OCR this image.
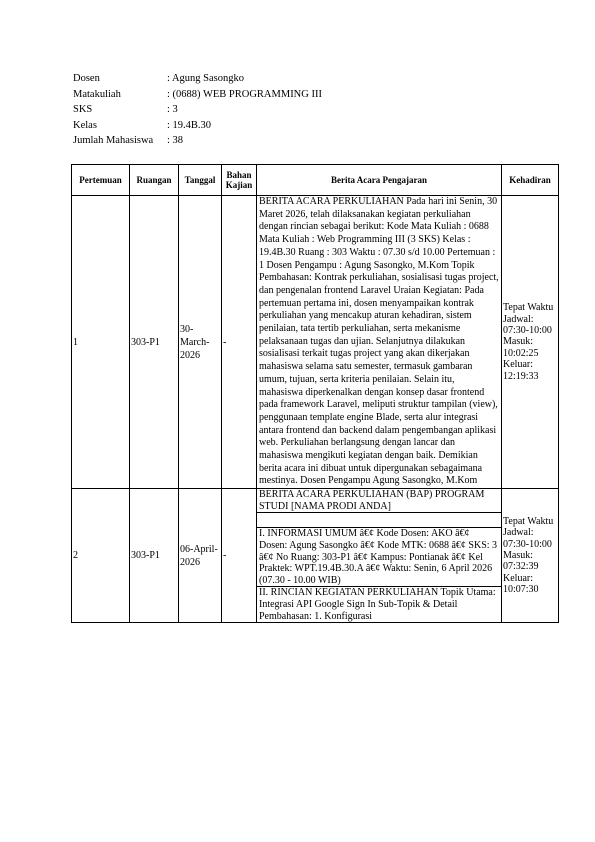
Dosen	: Agung Sasongko
Matakuliah	: (0688) WEB PROGRAMMING III
SKS	: 3
Kelas	: 19.4B.30
Jumlah Mahasiswa	: 38
Pertemuan	Ruangan	Tanggal	Bahan Kajian	Berita Acara Pengajaran	Kehadiran
1	303-P1	30-March-2026	-	BERITA ACARA PERKULIAHAN Pada hari ini Senin, 30 Maret 2026, telah dilaksanakan kegiatan perkuliahan dengan rincian sebagai berikut: Kode Mata Kuliah : 0688 Mata Kuliah : Web Programming III (3 SKS) Kelas : 19.4B.30 Ruang : 303 Waktu : 07.30 s/d 10.00 Pertemuan : 1 Dosen Pengampu : Agung Sasongko, M.Kom Topik Pembahasan: Kontrak perkuliahan, sosialisasi tugas project, dan pengenalan frontend Laravel Uraian Kegiatan: Pada pertemuan pertama ini, dosen menyampaikan kontrak perkuliahan yang mencakup aturan kehadiran, sistem penilaian, tata tertib perkuliahan, serta mekanisme pelaksanaan tugas dan ujian. Selanjutnya dilakukan sosialisasi terkait tugas project yang akan dikerjakan mahasiswa selama satu semester, termasuk gambaran umum, tujuan, serta kriteria penilaian. Selain itu, mahasiswa diperkenalkan dengan konsep dasar frontend pada framework Laravel, meliputi struktur tampilan (view), penggunaan template engine Blade, serta alur integrasi antara frontend dan backend dalam pengembangan aplikasi web. Perkuliahan berlangsung dengan lancar dan mahasiswa mengikuti kegiatan dengan baik. Demikian berita acara ini dibuat untuk dipergunakan sebagaimana mestinya. Dosen Pengampu Agung Sasongko, M.Kom	Tepat Waktu Jadwal: 07:30-10:00 Masuk: 10:02:25 Keluar: 12:19:33
2	303-P1	06-April-2026	-	BERITA ACARA PERKULIAHAN (BAP) PROGRAM STUDI [NAMA PRODI ANDA]
I. INFORMASI UMUM â€¢ Kode Dosen: AKO â€¢ Dosen: Agung Sasongko â€¢ Kode MTK: 0688 â€¢ SKS: 3 â€¢ No Ruang: 303-P1 â€¢ Kampus: Pontianak â€¢ Kel Praktek: WPT.19.4B.30.A â€¢ Waktu: Senin, 6 April 2026 (07.30 - 10.00 WIB)
II. RINCIAN KEGIATAN PERKULIAHAN Topik Utama: Integrasi API Google Sign In Sub-Topik & Detail Pembahasan: 1. Konfigurasi	Tepat Waktu Jadwal: 07:30-10:00 Masuk: 07:32:39 Keluar: 10:07:30
